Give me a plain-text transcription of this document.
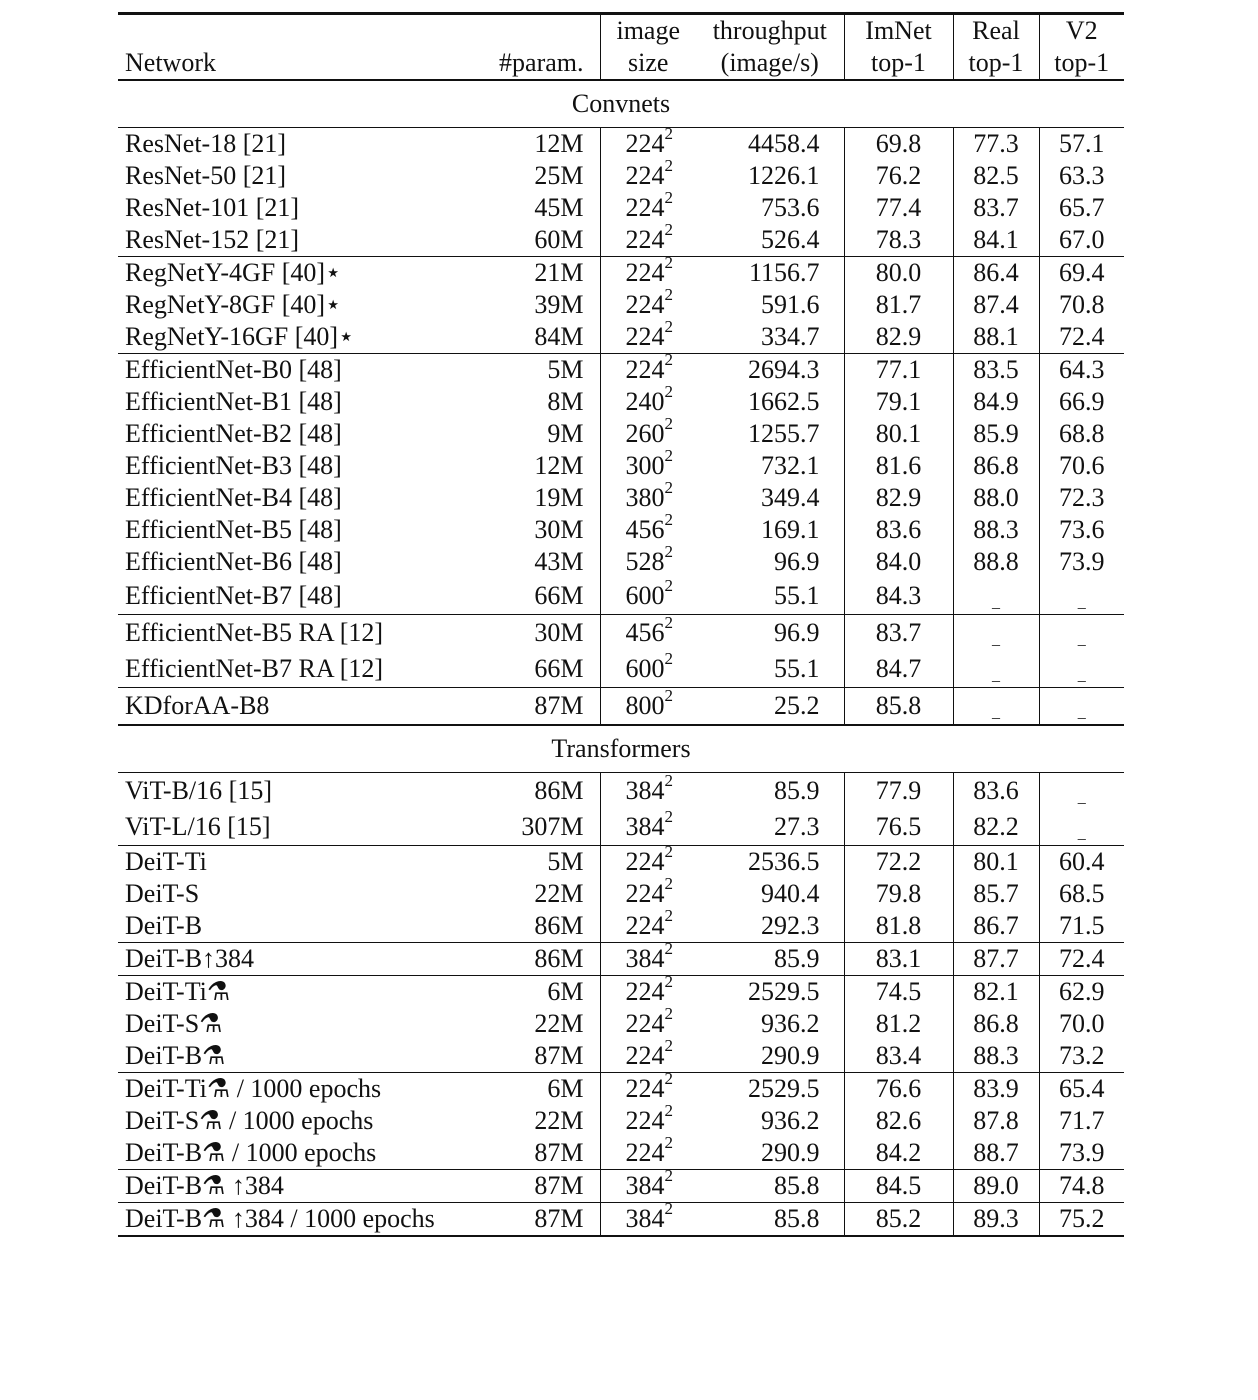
		image	throughput	ImNet	Real	V2
Network	#param.	size	(image/s)	top-1	top-1	top-1
Convnets						
ResNet-18 [21]	12M	$224^2$	4458.4	69.8	77.3	57.1
ResNet-50 [21]	25M	$224^2$	1226.1	76.2	82.5	63.3
ResNet-101 [21]	45M	$224^2$	753.6	77.4	83.7	65.7
ResNet-152 [21]	60M	$224^2$	526.4	78.3	84.1	67.0
RegNetY-4GF [40]⋆	21M	$224^2$	1156.7	80.0	86.4	69.4
RegNetY-8GF [40]⋆	39M	$224^2$	591.6	81.7	87.4	70.8
RegNetY-16GF [40]⋆	84M	$224^2$	334.7	82.9	88.1	72.4
EfficientNet-B0 [48]	5M	$224^2$	2694.3	77.1	83.5	64.3
EfficientNet-B1 [48]	8M	$240^2$	1662.5	79.1	84.9	66.9
EfficientNet-B2 [48]	9M	$260^2$	1255.7	80.1	85.9	68.8
EfficientNet-B3 [48]	12M	$300^2$	732.1	81.6	86.8	70.6
EfficientNet-B4 [48]	19M	$380^2$	349.4	82.9	88.0	72.3
EfficientNet-B5 [48]	30M	$456^2$	169.1	83.6	88.3	73.6
EfficientNet-B6 [48]	43M	$528^2$	96.9	84.0	88.8	73.9
EfficientNet-B7 [48]	66M	$600^2$	55.1	84.3	_	_
EfficientNet-B5 RA [12]	30M	$456^2$	96.9	83.7	_	_
EfficientNet-B7 RA [12]	66M	$600^2$	55.1	84.7	_	_
KDforAA-B8	87M	$800^2$	25.2	85.8	_	_
Transformers						
ViT-B/16 [15]	86M	$384^2$	85.9	77.9	83.6	_
ViT-L/16 [15]	307M	$384^2$	27.3	76.5	82.2	_
DeiT-Ti	5M	$224^2$	2536.5	72.2	80.1	60.4
DeiT-S	22M	$224^2$	940.4	79.8	85.7	68.5
DeiT-B	86M	$224^2$	292.3	81.8	86.7	71.5
DeiT-B↑384	86M	$384^2$	85.9	83.1	87.7	72.4
DeiT-Ti⚗	6M	$224^2$	2529.5	74.5	82.1	62.9
DeiT-S⚗	22M	$224^2$	936.2	81.2	86.8	70.0
DeiT-B⚗	87M	$224^2$	290.9	83.4	88.3	73.2
DeiT-Ti⚗ / 1000 epochs	6M	$224^2$	2529.5	76.6	83.9	65.4
DeiT-S⚗ / 1000 epochs	22M	$224^2$	936.2	82.6	87.8	71.7
DeiT-B⚗ / 1000 epochs	87M	$224^2$	290.9	84.2	88.7	73.9
DeiT-B⚗ ↑384	87M	$384^2$	85.8	84.5	89.0	74.8
DeiT-B⚗ ↑384 / 1000 epochs	87M	$384^2$	85.8	85.2	89.3	75.2
